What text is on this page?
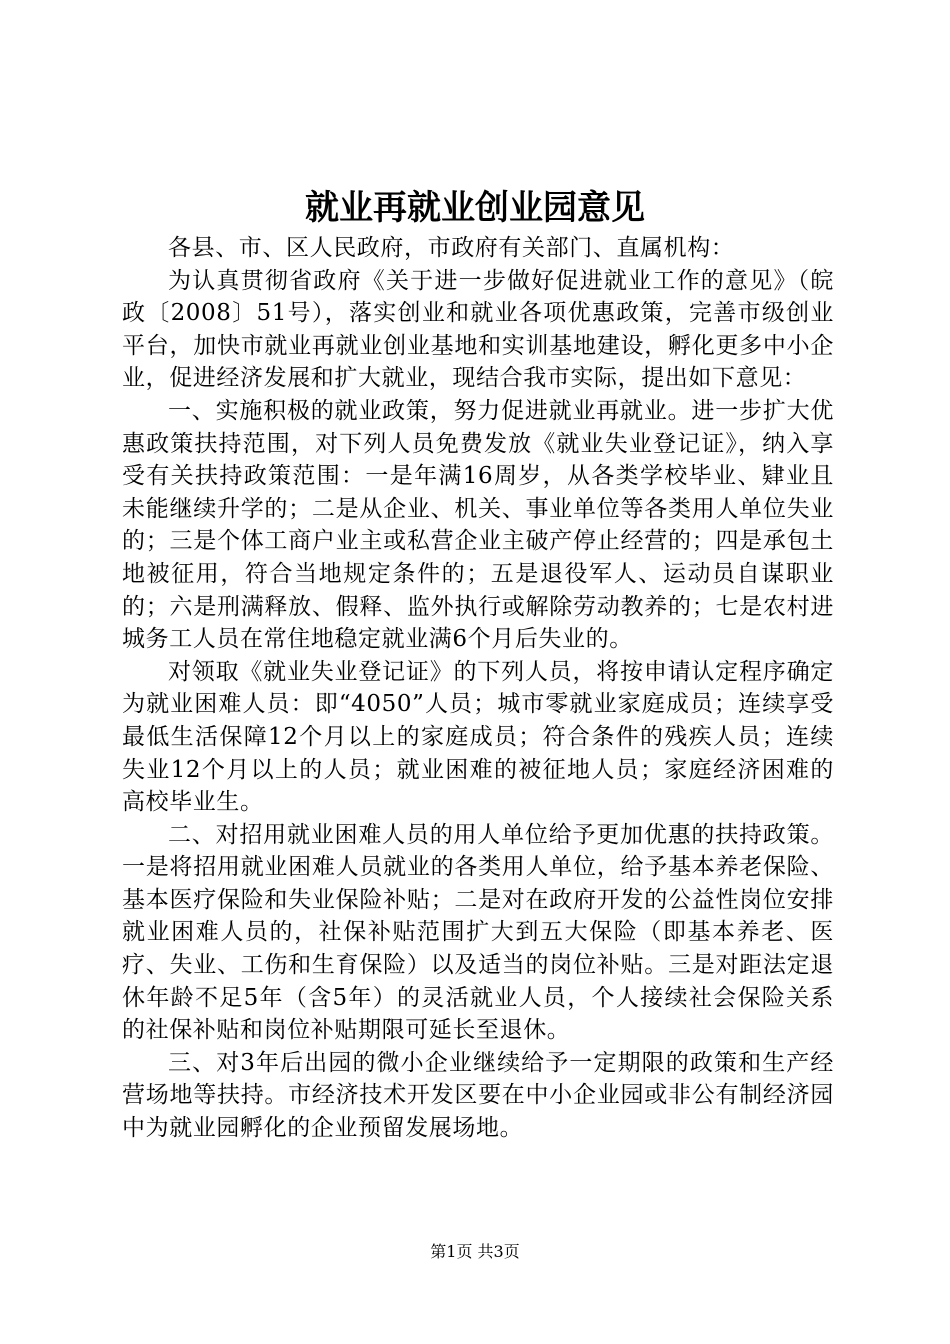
就业再就业创业园意见

各县、市、区人民政府，市政府有关部门、直属机构：

为认真贯彻省政府《关于进一步做好促进就业工作的意见》（皖政〔2008〕51号），落实创业和就业各项优惠政策，完善市级创业平台，加快市就业再就业创业基地和实训基地建设，孵化更多中小企业，促进经济发展和扩大就业，现结合我市实际，提出如下意见：

一、实施积极的就业政策，努力促进就业再就业。进一步扩大优惠政策扶持范围，对下列人员免费发放《就业失业登记证》，纳入享受有关扶持政策范围：一是年满16周岁，从各类学校毕业、肄业且未能继续升学的；二是从企业、机关、事业单位等各类用人单位失业的；三是个体工商户业主或私营企业主破产停止经营的；四是承包土地被征用，符合当地规定条件的；五是退役军人、运动员自谋职业的；六是刑满释放、假释、监外执行或解除劳动教养的；七是农村进城务工人员在常住地稳定就业满6个月后失业的。

对领取《就业失业登记证》的下列人员，将按申请认定程序确定为就业困难人员：即“4050”人员；城市零就业家庭成员；连续享受最低生活保障12个月以上的家庭成员；符合条件的残疾人员；连续失业12个月以上的人员；就业困难的被征地人员；家庭经济困难的高校毕业生。

二、对招用就业困难人员的用人单位给予更加优惠的扶持政策。一是将招用就业困难人员就业的各类用人单位，给予基本养老保险、基本医疗保险和失业保险补贴；二是对在政府开发的公益性岗位安排就业困难人员的，社保补贴范围扩大到五大保险（即基本养老、医疗、失业、工伤和生育保险）以及适当的岗位补贴。三是对距法定退休年龄不足5年（含5年）的灵活就业人员，个人接续社会保险关系的社保补贴和岗位补贴期限可延长至退休。

三、对3年后出园的微小企业继续给予一定期限的政策和生产经营场地等扶持。市经济技术开发区要在中小企业园或非公有制经济园中为就业园孵化的企业预留发展场地。

第1页 共3页
